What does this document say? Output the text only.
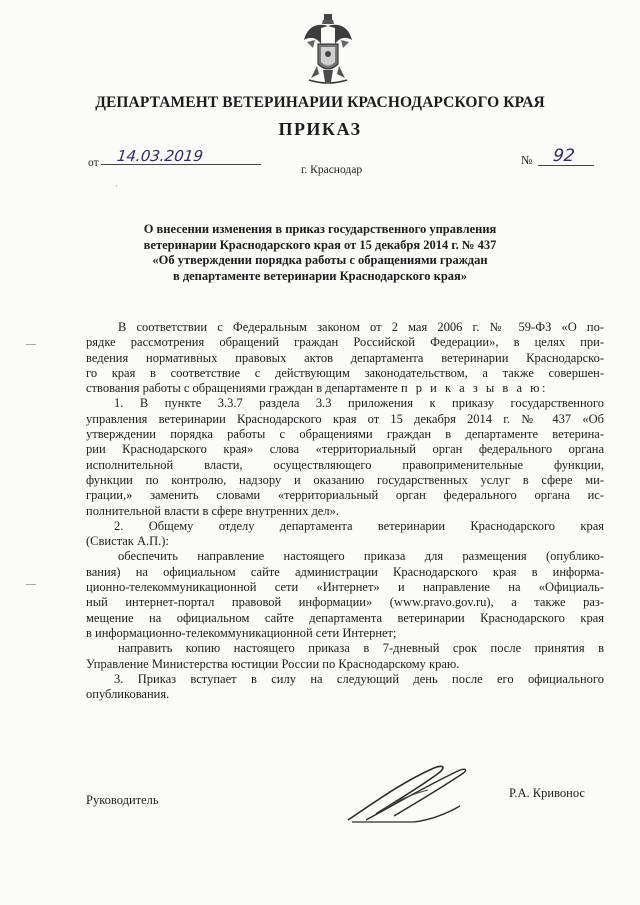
ДЕПАРТАМЕНТ ВЕТЕРИНАРИИ КРАСНОДАРСКОГО КРАЯ
ПРИКАЗ
от 14.03.2019
г. Краснодар
№ 92
·
О внесении изменения в приказ государственного управления
ветеринарии Краснодарского края от 15 декабря 2014 г. № 437
«Об утверждении порядка работы с обращениями граждан
в департаменте ветеринарии Краснодарского края»
В соответствии с Федеральным законом от 2 мая 2006 г. № 59-ФЗ «О по-
рядке рассмотрения обращений граждан Российской Федерации», в целях при-
ведения нормативных правовых актов департамента ветеринарии Краснодарско-
го края в соответствие с действующим законодательством, а также совершен-
ствования работы с обращениями граждан в департаменте п р и к а з ы в а ю:
1. В пункте 3.3.7 раздела 3.3 приложения к приказу государственного
управления ветеринарии Краснодарского края от 15 декабря 2014 г. № 437 «Об
утверждении порядка работы с обращениями граждан в департаменте ветерина-
рии Краснодарского края» слова «территориальный орган федерального органа
исполнительной власти, осуществляющего правоприменительные функции,
функции по контролю, надзору и оказанию государственных услуг в сфере ми-
грации,» заменить словами «территориальный орган федерального органа ис-
полнительной власти в сфере внутренних дел».
2. Общему отделу департамента ветеринарии Краснодарского края
(Свистак А.П.):
обеспечить направление настоящего приказа для размещения (опублико-
вания) на официальном сайте администрации Краснодарского края в информа-
ционно-телекоммуникационной сети «Интернет» и направление на «Официаль-
ный интернет-портал правовой информации» (www.pravo.gov.ru), а также раз-
мещение на официальном сайте департамента ветеринарии Краснодарского края
в информационно-телекоммуникационной сети Интернет;
направить копию настоящего приказа в 7-дневный срок после принятия в
Управление Министерства юстиции России по Краснодарскому краю.
3. Приказ вступает в силу на следующий день после его официального
опубликования.
Руководитель	Р.А. Кривонос
